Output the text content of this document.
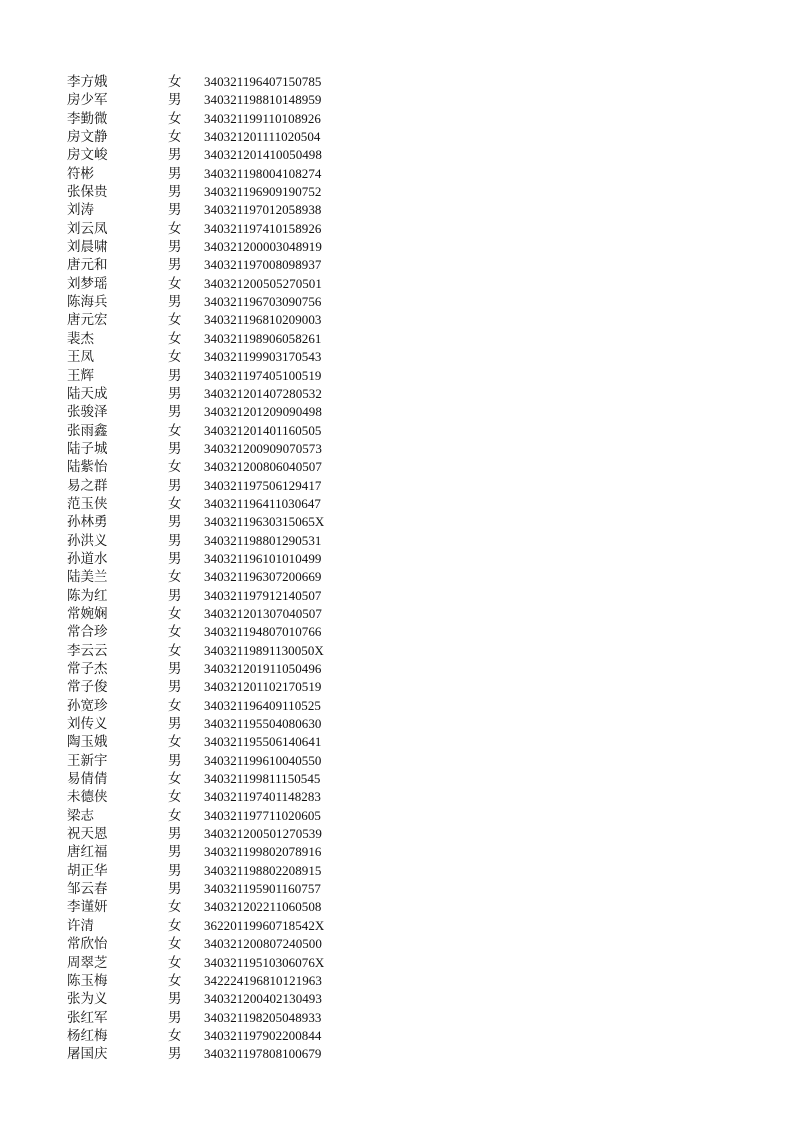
李方娥	女 340321196407150785
房少军	男 340321198810148959
李勤微	女 340321199110108926
房文静	女 340321201111020504
房文峻	男 340321201410050498
符彬	男 340321198004108274
张保贵	男 340321196909190752
刘涛	男 340321197012058938
刘云凤	女 340321197410158926
刘晨啸	男 340321200003048919
唐元和	男 340321197008098937
刘梦瑶	女 340321200505270501
陈海兵	男 340321196703090756
唐元宏	女 340321196810209003
裴杰	女 340321198906058261
王凤	女 340321199903170543
王辉	男 340321197405100519
陆天成	男 340321201407280532
张骏泽	男 340321201209090498
张雨鑫	女 340321201401160505
陆子城	男 340321200909070573
陆紫怡	女 340321200806040507
易之群	男 340321197506129417
范玉侠	女 340321196411030647
孙林勇	男 34032119630315065X
孙洪义	男 340321198801290531
孙道水	男 340321196101010499
陆美兰	女 340321196307200669
陈为红	男 340321197912140507
常婉娴	女 340321201307040507
常合珍	女 340321194807010766
李云云	女 34032119891130050X
常子杰	男 340321201911050496
常子俊	男 340321201102170519
孙宽珍	女 340321196409110525
刘传义	男 340321195504080630
陶玉娥	女 340321195506140641
王新宇	男 340321199610040550
易倩倩	女 340321199811150545
未德侠	女 340321197401148283
梁志	女 340321197711020605
祝天恩	男 340321200501270539
唐红福	男 340321199802078916
胡正华	男 340321198802208915
邹云春	男 340321195901160757
李谨妍	女 340321202211060508
许清	女 36220119960718542X
常欣怡	女 340321200807240500
周翠芝	女 34032119510306076X
陈玉梅	女 342224196810121963
张为义	男 340321200402130493
张红军	男 340321198205048933
杨红梅	女 340321197902200844
屠国庆	男 340321197808100679
